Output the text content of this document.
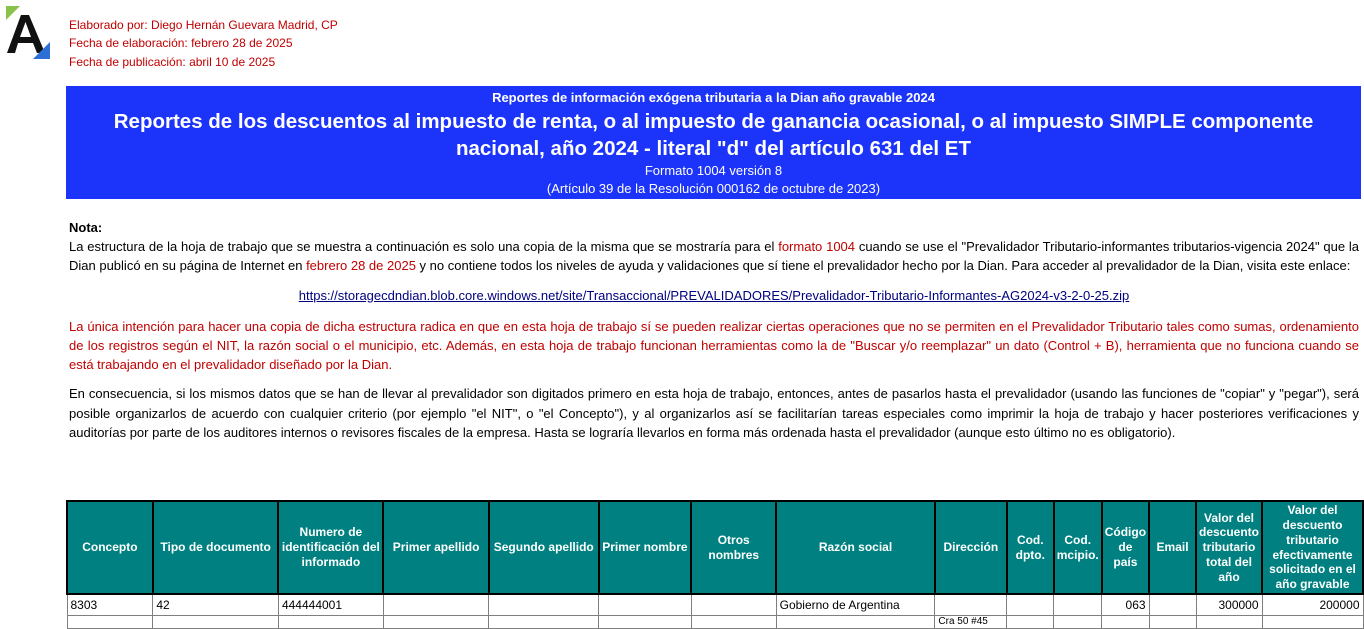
Elaborado por: Diego Hernán Guevara Madrid, CP
Fecha de elaboración: febrero 28 de 2025
Fecha de publicación: abril 10 de 2025
Reportes de información exógena tributaria a la Dian año gravable 2024
Reportes de los descuentos al impuesto de renta, o al impuesto de ganancia ocasional, o al impuesto SIMPLE componente nacional, año 2024 - literal "d" del artículo 631 del ET
Formato 1004 versión 8
(Artículo 39 de la Resolución 000162 de octubre de 2023)
Nota:

La estructura de la hoja de trabajo que se muestra a continuación es solo una copia de la misma que se mostraría para el formato 1004 cuando se use el "Prevalidador Tributario-informantes tributarios-vigencia 2024" que la Dian publicó en su página de Internet en febrero 28 de 2025 y no contiene todos los niveles de ayuda y validaciones que sí tiene el prevalidador hecho por la Dian. Para acceder al prevalidador de la Dian, visita este enlace:

https://storagecdndian.blob.core.windows.net/site/Transaccional/PREVALIDADORES/Prevalidador-Tributario-Informantes-AG2024-v3-2-0-25.zip

La única intención para hacer una copia de dicha estructura radica en que en esta hoja de trabajo sí se pueden realizar ciertas operaciones que no se permiten en el Prevalidador Tributario tales como sumas, ordenamiento de los registros según el NIT, la razón social o el municipio, etc. Además, en esta hoja de trabajo funcionan herramientas como la de "Buscar y/o reemplazar" un dato (Control + B), herramienta que no funciona cuando se está trabajando en el prevalidador diseñado por la Dian.

En consecuencia, si los mismos datos que se han de llevar al prevalidador son digitados primero en esta hoja de trabajo, entonces, antes de pasarlos hasta el prevalidador (usando las funciones de "copiar" y "pegar"), será posible organizarlos de acuerdo con cualquier criterio (por ejemplo "el NIT", o "el Concepto"), y al organizarlos así se facilitarían tareas especiales como imprimir la hoja de trabajo y hacer posteriores verificaciones y auditorías por parte de los auditores internos o revisores fiscales de la empresa. Hasta se lograría llevarlos en forma más ordenada hasta el prevalidador (aunque esto último no es obligatorio).

Concepto	Tipo de documento	Numero de identificación del informado	Primer apellido	Segundo apellido	Primer nombre	Otros nombres	Razón social	Dirección	Cod. dpto.	Cod. mcipio.	Código de país	Email	Valor del descuento tributario total del año	Valor del descuento tributario efectivamente solicitado en el año gravable
8303	42	444444001					Gobierno de Argentina				063		300000	200000
								Cra 50 #45						
